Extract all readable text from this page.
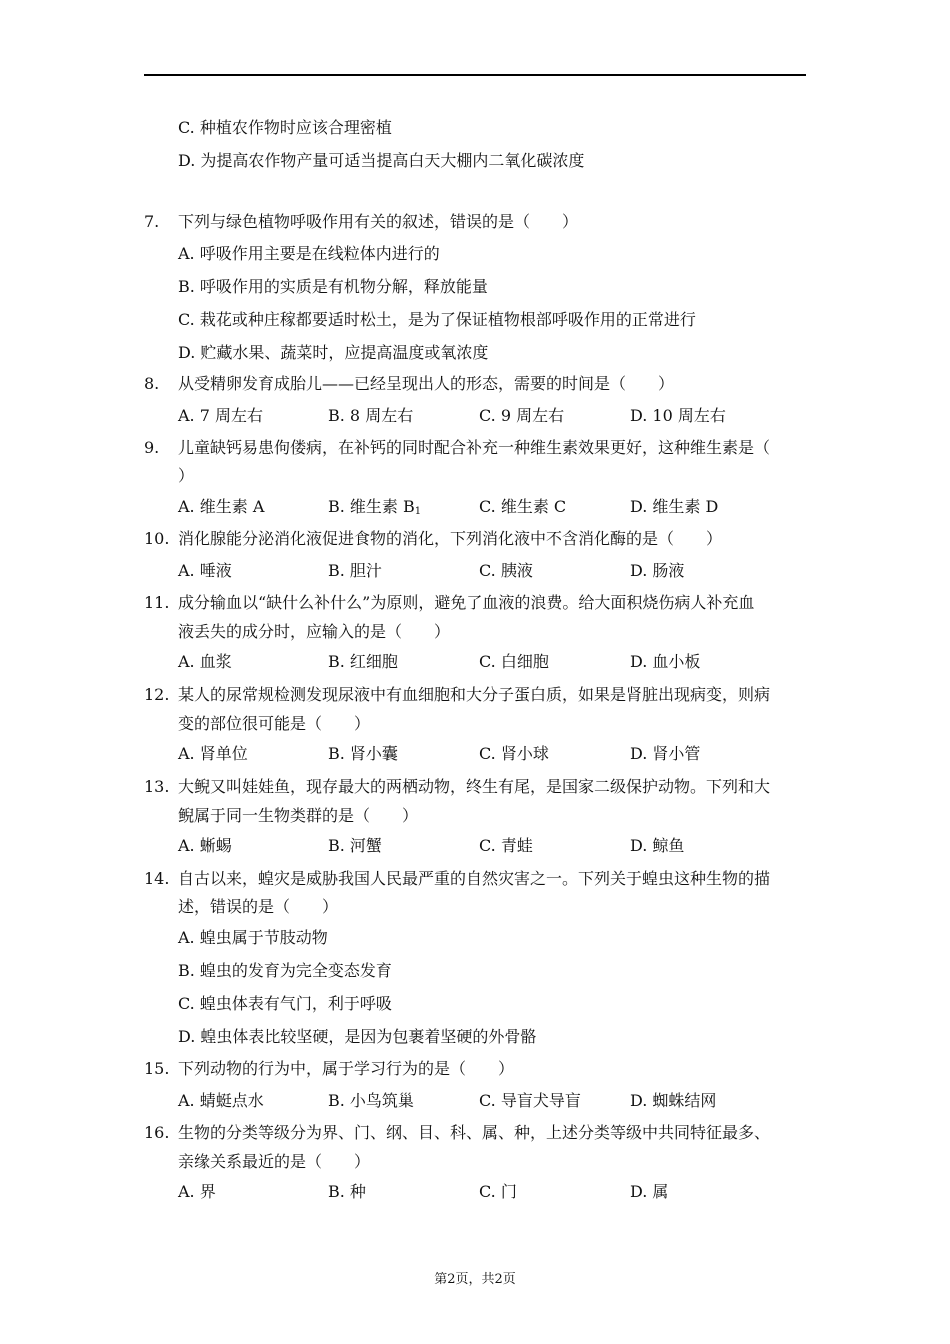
C. 种植农作物时应该合理密植
D. 为提高农作物产量可适当提高白天大棚内二氧化碳浓度
7. 下列与绿色植物呼吸作用有关的叙述，错误的是（　　）
A. 呼吸作用主要是在线粒体内进行的
B. 呼吸作用的实质是有机物分解，释放能量
C. 栽花或种庄稼都要适时松土，是为了保证植物根部呼吸作用的正常进行
D. 贮藏水果、蔬菜时，应提高温度或氧浓度
8. 从受精卵发育成胎儿——已经呈现出人的形态，需要的时间是（　　）
A. 7 周左右	B. 8 周左右	C. 9 周左右	D. 10 周左右
9. 儿童缺钙易患佝偻病，在补钙的同时配合补充一种维生素效果更好，这种维生素是（
）
A. 维生素 A	B. 维生素 $B_1$	C. 维生素 C	D. 维生素 D
10. 消化腺能分泌消化液促进食物的消化，下列消化液中不含消化酶的是（　　）
A. 唾液	B. 胆汁	C. 胰液	D. 肠液
11. 成分输血以“缺什么补什么”为原则，避免了血液的浪费。给大面积烧伤病人补充血
液丢失的成分时，应输入的是（　　）
A. 血浆	B. 红细胞	C. 白细胞	D. 血小板
12. 某人的尿常规检测发现尿液中有血细胞和大分子蛋白质，如果是肾脏出现病变，则病
变的部位很可能是（　　）
A. 肾单位	B. 肾小囊	C. 肾小球	D. 肾小管
13. 大鲵又叫娃娃鱼，现存最大的两栖动物，终生有尾，是国家二级保护动物。下列和大
鲵属于同一生物类群的是（　　）
A. 蜥蜴	B. 河蟹	C. 青蛙	D. 鲸鱼
14. 自古以来，蝗灾是威胁我国人民最严重的自然灾害之一。下列关于蝗虫这种生物的描
述，错误的是（　　）
A. 蝗虫属于节肢动物
B. 蝗虫的发育为完全变态发育
C. 蝗虫体表有气门，利于呼吸
D. 蝗虫体表比较坚硬，是因为包裹着坚硬的外骨骼
15. 下列动物的行为中，属于学习行为的是（　　）
A. 蜻蜓点水	B. 小鸟筑巢	C. 导盲犬导盲	D. 蜘蛛结网
16. 生物的分类等级分为界、门、纲、目、科、属、种，上述分类等级中共同特征最多、
亲缘关系最近的是（　　）
A. 界	B. 种	C. 门	D. 属
第2页，共2页
